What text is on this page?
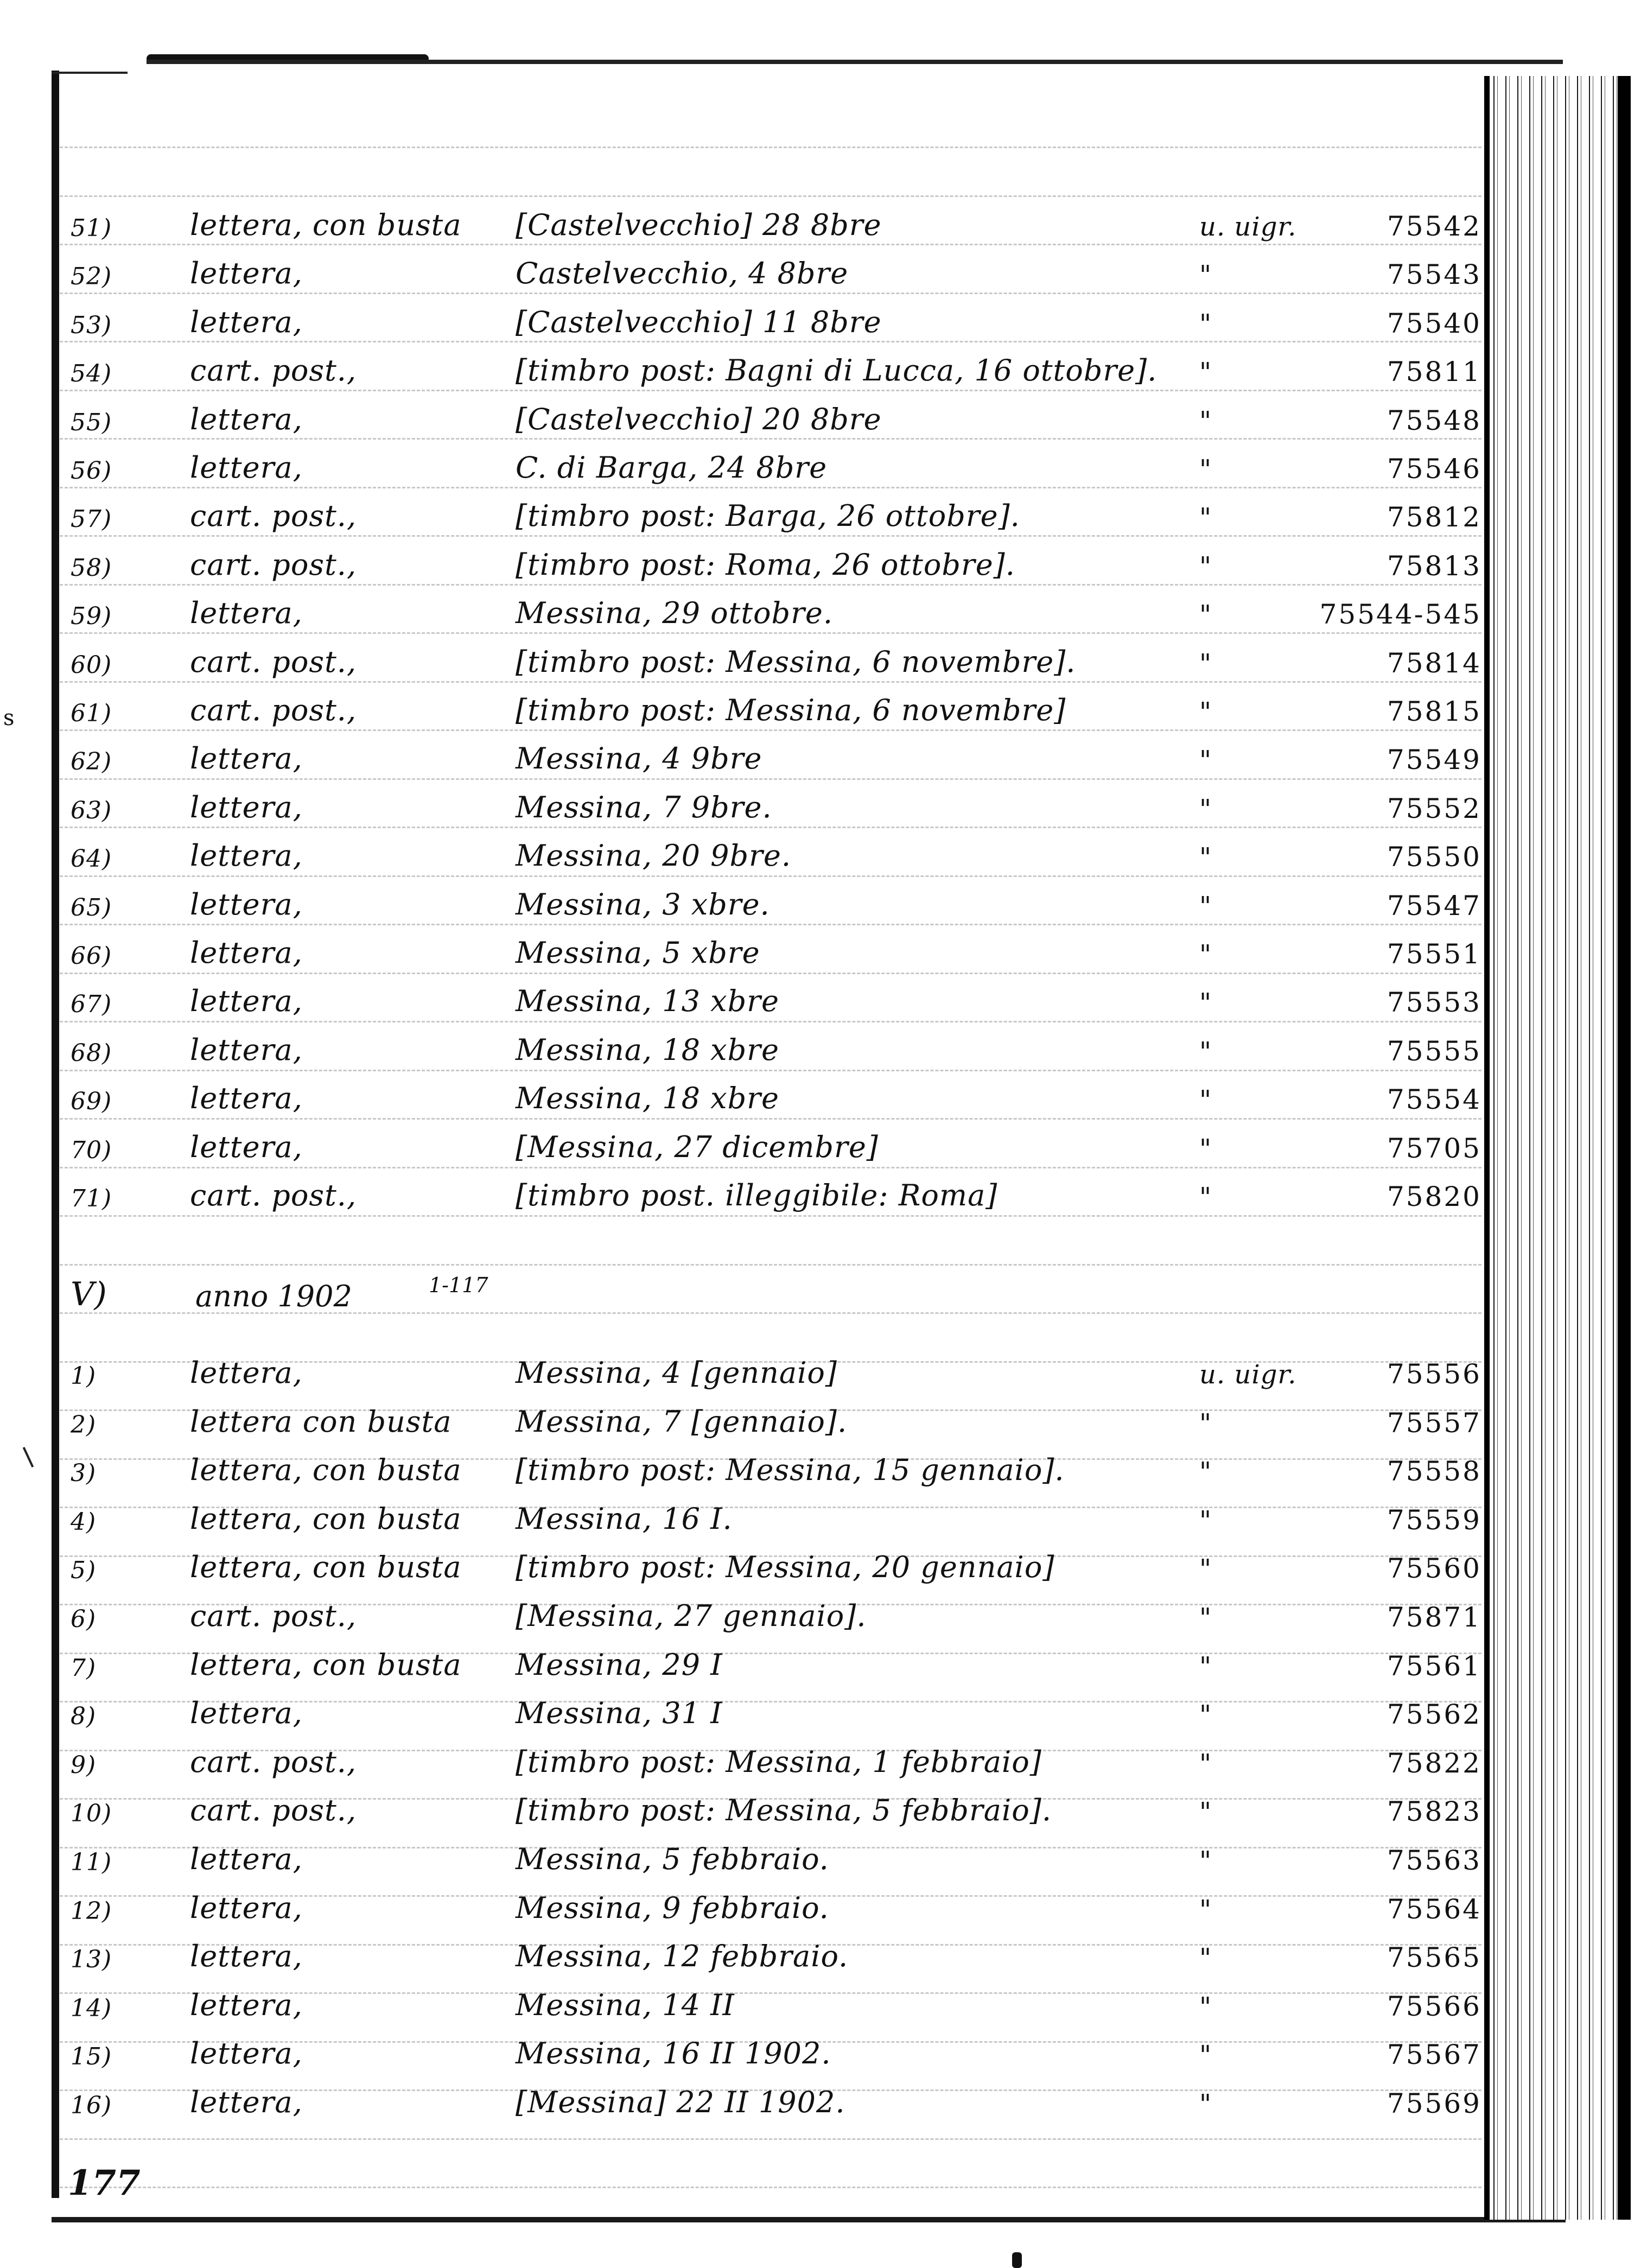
s
51)	lettera, con busta [Castelvecchio] 28 8bre	u. uigr.	75542
52)	lettera,	Castelvecchio, 4 8bre	"	75543
53)	lettera,	[Castelvecchio] 11 8bre	"	75540
54)	cart. post.,	[timbro post: Bagni di Lucca, 16 ottobre]. "	75811
55)	lettera,	[Castelvecchio] 20 8bre	"	75548
56)	lettera,	C. di Barga, 24 8bre	"	75546
57)	cart. post.,	[timbro post: Barga, 26 ottobre].	"	75812
58)	cart. post.,	[timbro post: Roma, 26 ottobre].	"	75813
59)	lettera,	Messina, 29 ottobre.	"	75544-545
60)	cart. post.,	[timbro post: Messina, 6 novembre].	"	75814
61)	cart. post.,	[timbro post: Messina, 6 novembre]	"	75815
62)	lettera,	Messina, 4 9bre	"	75549
63)	lettera,	Messina, 7 9bre.	"	75552
64)	lettera,	Messina, 20 9bre.	"	75550
65)	lettera,	Messina, 3 xbre.	"	75547
66)	lettera,	Messina, 5 xbre	"	75551
67)	lettera,	Messina, 13 xbre	"	75553
68)	lettera,	Messina, 18 xbre	"	75555
69)	lettera,	Messina, 18 xbre	"	75554
70)	lettera,	[Messina, 27 dicembre]	"	75705
71)	cart. post.,	[timbro post. illeggibile: Roma]	"	75820
V)	anno 1902	1-117
1)	lettera,	Messina, 4 [gennaio]	u. uigr.	75556
2)	lettera con busta Messina, 7 [gennaio].	"	75557
3)	lettera, con busta [timbro post: Messina, 15 gennaio].	"	75558
4)	lettera, con busta Messina, 16 I.	"	75559
5)	lettera, con busta [timbro post: Messina, 20 gennaio]	"	75560
6)	cart. post.,	[Messina, 27 gennaio].	"	75871
7)	lettera, con busta Messina, 29 I	"	75561
8)	lettera,	Messina, 31 I	"	75562
9)	cart. post.,	[timbro post: Messina, 1 febbraio]	"	75822
10)	cart. post.,	[timbro post: Messina, 5 febbraio].	"	75823
11)	lettera,	Messina, 5 febbraio.	"	75563
12)	lettera,	Messina, 9 febbraio.	"	75564
13)	lettera,	Messina, 12 febbraio.	"	75565
14)	lettera,	Messina, 14 II	"	75566
15)	lettera,	Messina, 16 II 1902.	"	75567
16)	lettera,	[Messina] 22 II 1902.	"	75569
177
